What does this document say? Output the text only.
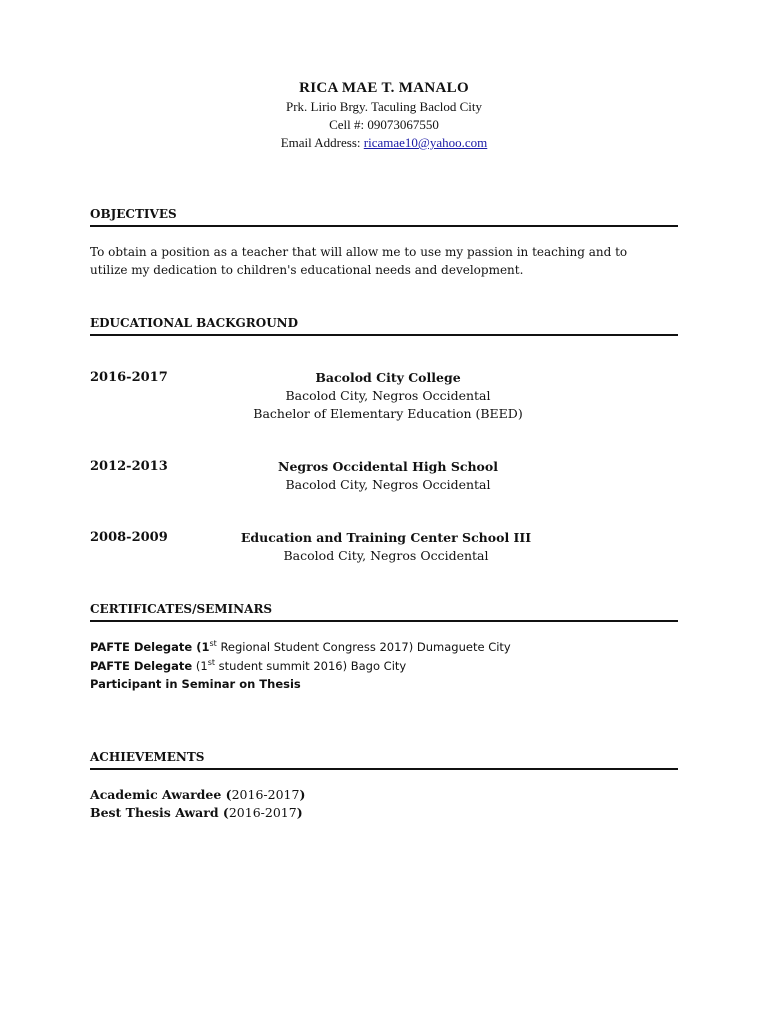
RICA MAE T. MANALO
Prk. Lirio Brgy. Taculing Baclod City
Cell #: 09073067550
Email Address: ricamae10@yahoo.com
OBJECTIVES
To obtain a position as a teacher that will allow me to use my passion in teaching and to
utilize my dedication to children's educational needs and development.
EDUCATIONAL BACKGROUND
2016-2017	Bacolod City College
Bacolod City, Negros Occidental
Bachelor of Elementary Education (BEED)
2012-2013	Negros Occidental High School
Bacolod City, Negros Occidental
2008-2009	Education and Training Center School III
Bacolod City, Negros Occidental
CERTIFICATES/SEMINARS
PAFTE Delegate (1st Regional Student Congress 2017) Dumaguete City
PAFTE Delegate (1st student summit 2016) Bago City
Participant in Seminar on Thesis
ACHIEVEMENTS
Academic Awardee (2016-2017)
Best Thesis Award (2016-2017)
